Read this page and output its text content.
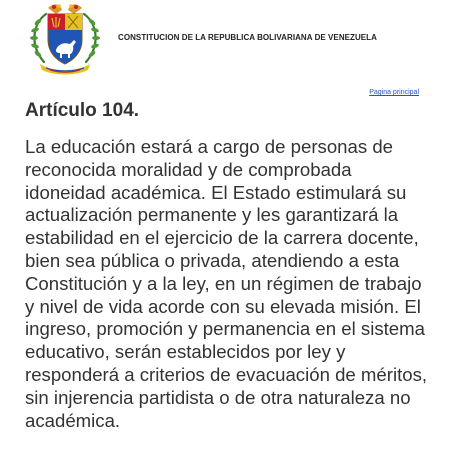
CONSTITUCION DE LA REPUBLICA BOLIVARIANA DE VENEZUELA
Pagina principal
Artículo 104.

La educación estará a cargo de personas de reconocida moralidad y de comprobada idoneidad académica. El Estado estimulará su actualización permanente y les garantizará la estabilidad en el ejercicio de la carrera docente, bien sea pública o privada, atendiendo a esta Constitución y a la ley, en un régimen de trabajo y nivel de vida acorde con su elevada misión. El ingreso, promoción y permanencia en el sistema educativo, serán establecidos por ley y responderá a criterios de evacuación de méritos, sin injerencia partidista o de otra naturaleza no académica.
